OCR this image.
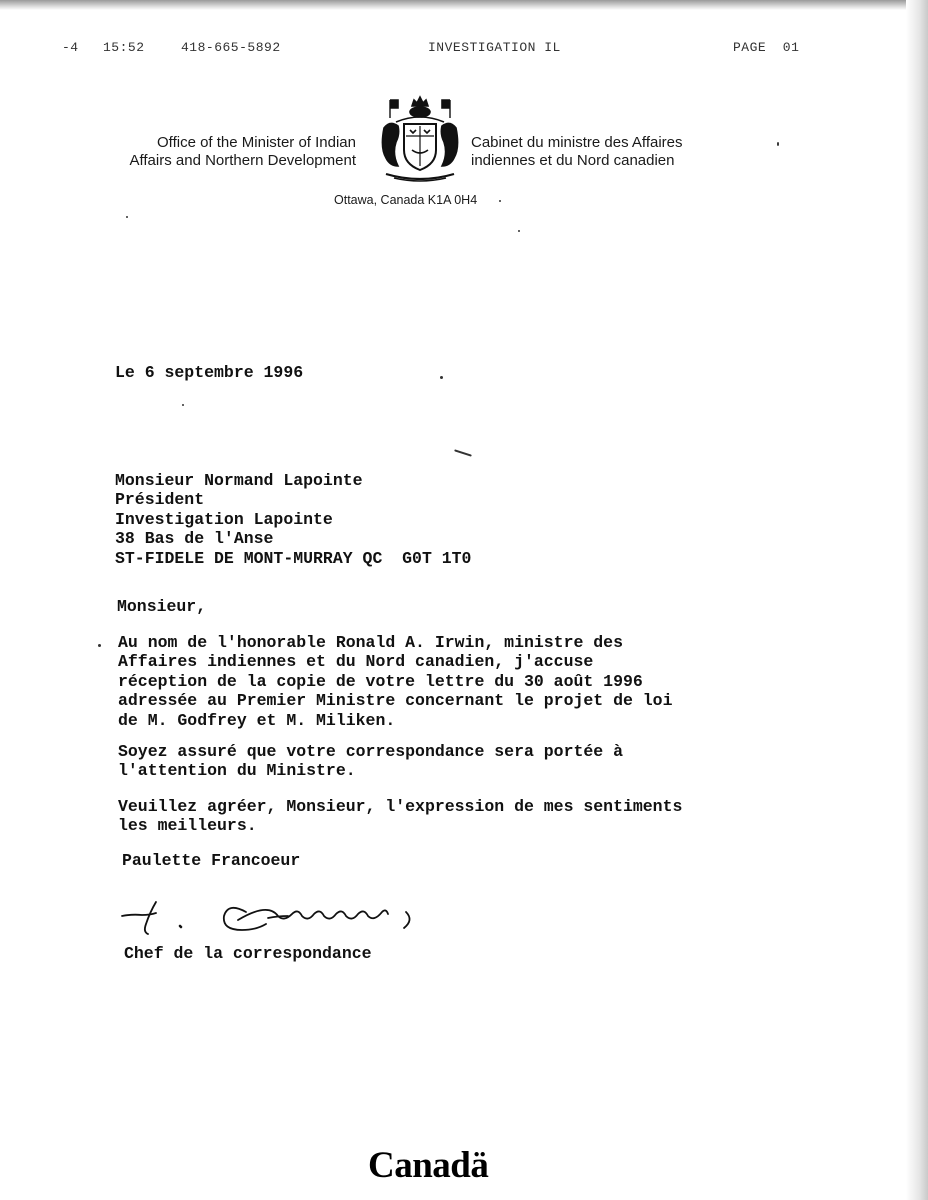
-4 15:52	418-665-5892	INVESTIGATION IL	PAGE  01
Office of the Minister of Indian
Affairs and Northern Development
Cabinet du ministre des Affaires
indiennes et du Nord canadien
Ottawa, Canada K1A 0H4
Le 6 septembre 1996
Monsieur Normand Lapointe
Président
Investigation Lapointe
38 Bas de l'Anse
ST-FIDELE DE MONT-MURRAY QC  G0T 1T0
Monsieur,
Au nom de l'honorable Ronald A. Irwin, ministre des
Affaires indiennes et du Nord canadien, j'accuse
réception de la copie de votre lettre du 30 août 1996
adressée au Premier Ministre concernant le projet de loi
de M. Godfrey et M. Miliken.
Soyez assuré que votre correspondance sera portée à
l'attention du Ministre.
Veuillez agréer, Monsieur, l'expression de mes sentiments
les meilleurs.
Paulette Francoeur
Chef de la correspondance
Canadä
